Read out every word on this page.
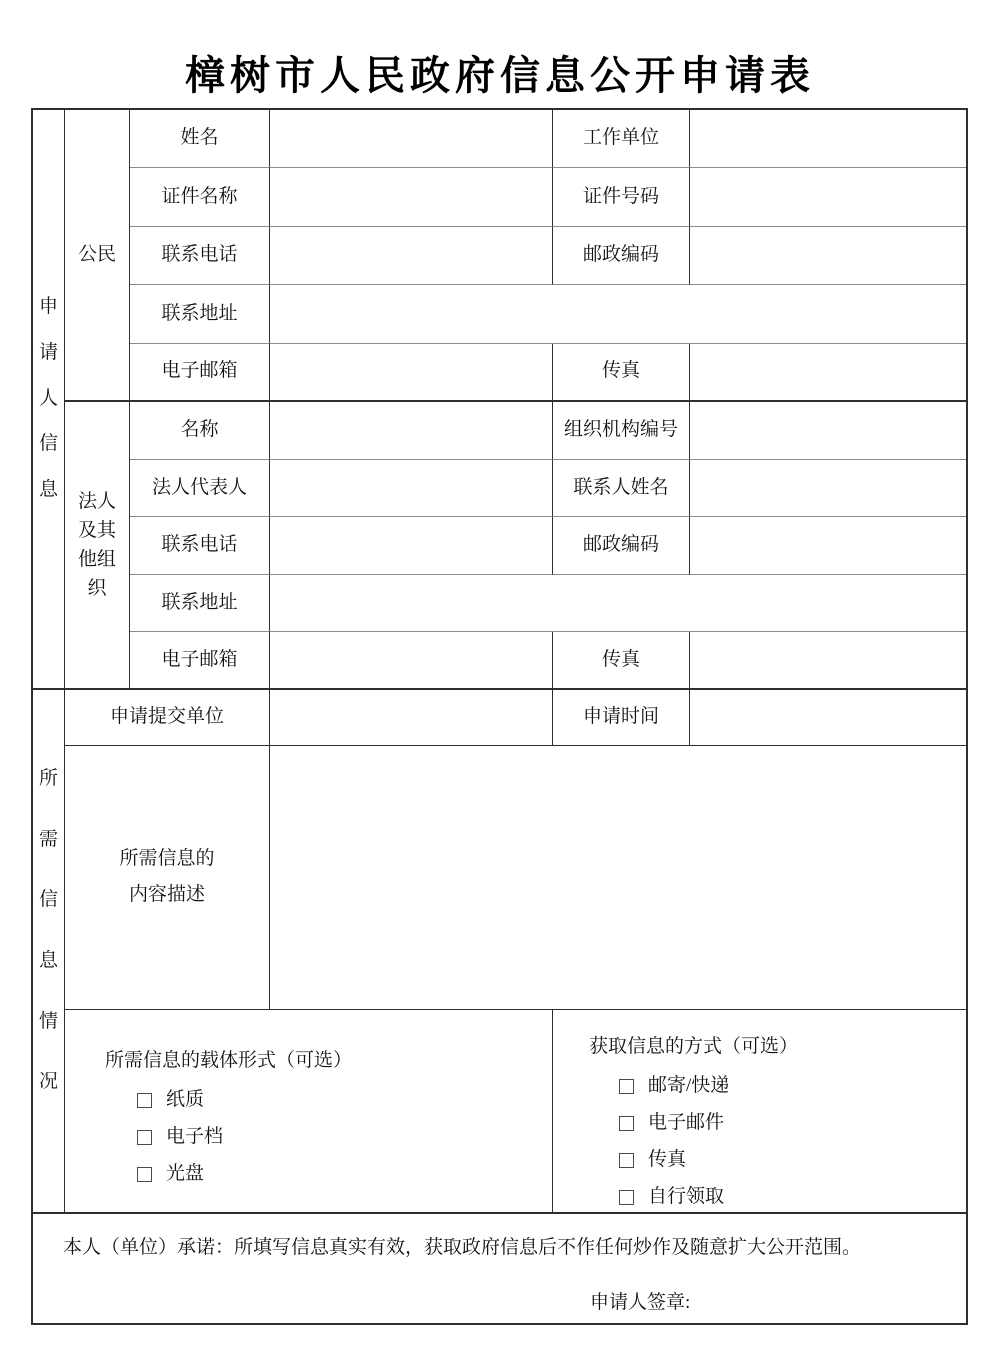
樟树市人民政府信息公开申请表
申
请
人
信
息
公民
姓名	工作单位
证件名称	证件号码
联系电话	邮政编码
联系地址
电子邮箱	传真
法人及其他组织
名称	组织机构编号
法人代表人	联系人姓名
联系电话	邮政编码
联系地址
电子邮箱	传真
所
需
信
息
情
况
申请提交单位	申请时间
所需信息的
内容描述
所需信息的载体形式（可选）
纸质
电子档
光盘
获取信息的方式（可选）
邮寄/快递
电子邮件
传真
自行领取
本人（单位）承诺：所填写信息真实有效，获取政府信息后不作任何炒作及随意扩大公开范围。
申请人签章:
